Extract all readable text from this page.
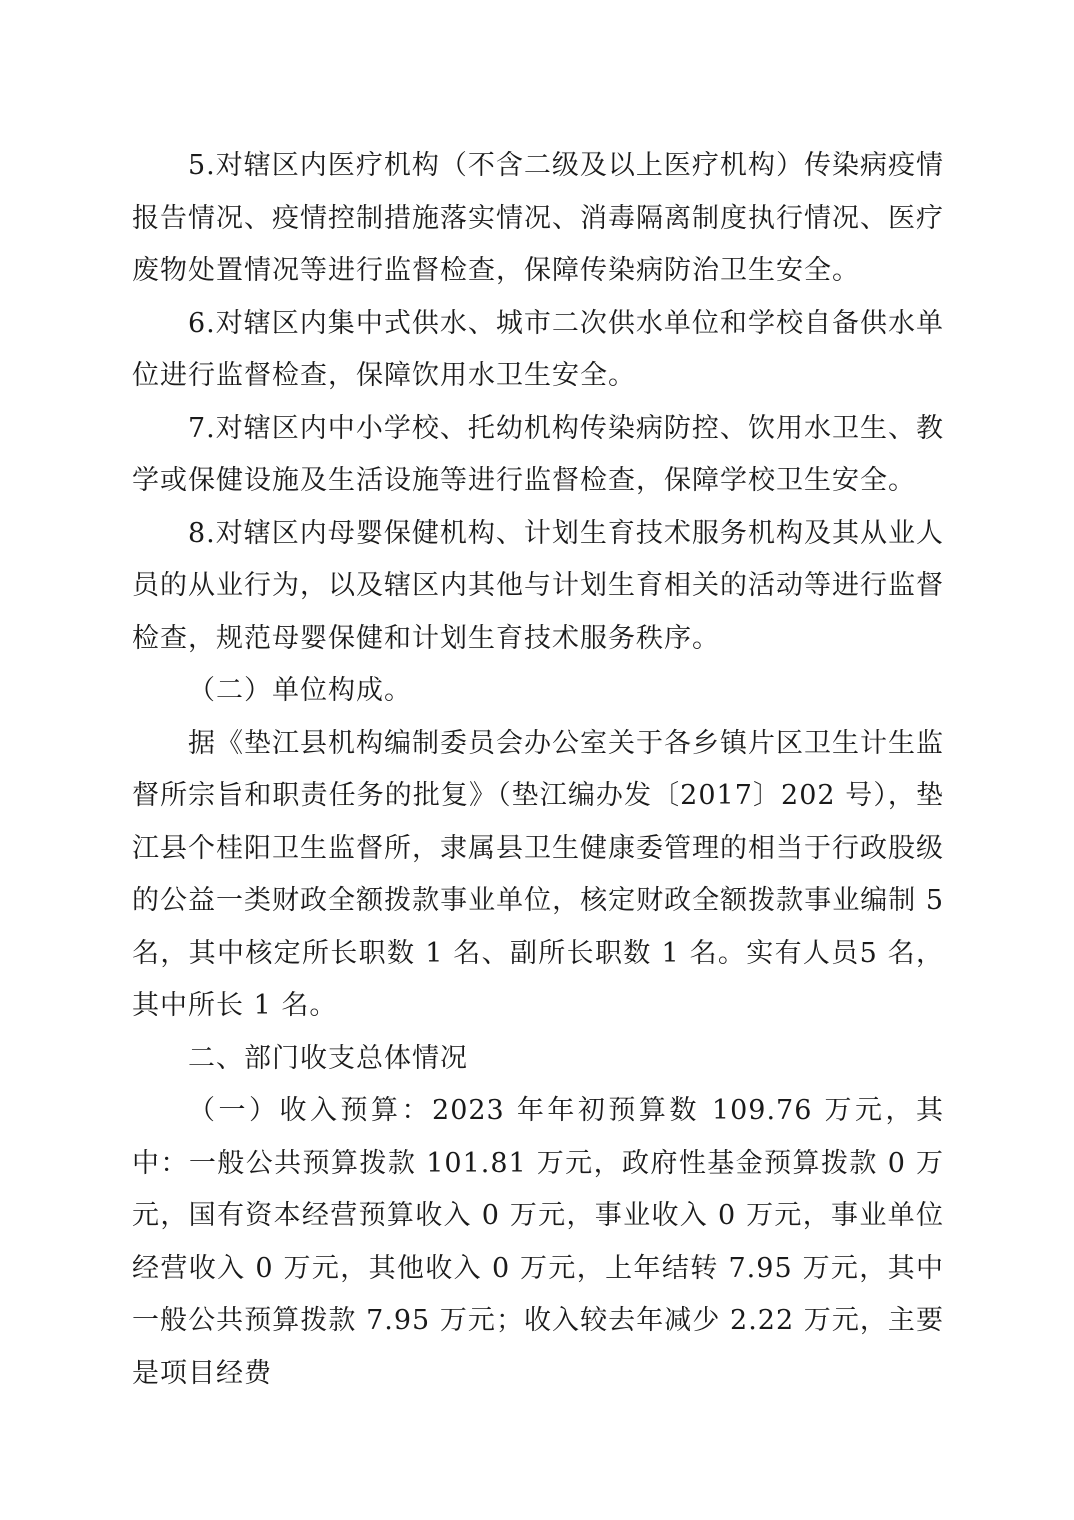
5.对辖区内医疗机构（不含二级及以上医疗机构）传染病疫情报告情况、疫情控制措施落实情况、消毒隔离制度执行情况、医疗废物处置情况等进行监督检查，保障传染病防治卫生安全。

6.对辖区内集中式供水、城市二次供水单位和学校自备供水单位进行监督检查，保障饮用水卫生安全。

7.对辖区内中小学校、托幼机构传染病防控、饮用水卫生、教学或保健设施及生活设施等进行监督检查，保障学校卫生安全。

8.对辖区内母婴保健机构、计划生育技术服务机构及其从业人员的从业行为，以及辖区内其他与计划生育相关的活动等进行监督检查，规范母婴保健和计划生育技术服务秩序。

（二）单位构成。

据《垫江县机构编制委员会办公室关于各乡镇片区卫生计生监督所宗旨和职责任务的批复》（垫江编办发〔2017〕202 号），垫江县个桂阳卫生监督所，隶属县卫生健康委管理的相当于行政股级的公益一类财政全额拨款事业单位，核定财政全额拨款事业编制 5 名，其中核定所长职数 1 名、副所长职数 1 名。实有人员5 名，其中所长 1 名。

二、部门收支总体情况

（一）收入预算：2023 年年初预算数 109.76 万元，其中：一般公共预算拨款 101.81 万元，政府性基金预算拨款 0 万元，国有资本经营预算收入 0 万元，事业收入 0 万元，事业单位经营收入 0 万元，其他收入 0 万元，上年结转 7.95 万元，其中一般公共预算拨款 7.95 万元；收入较去年减少 2.22 万元，主要是项目经费
